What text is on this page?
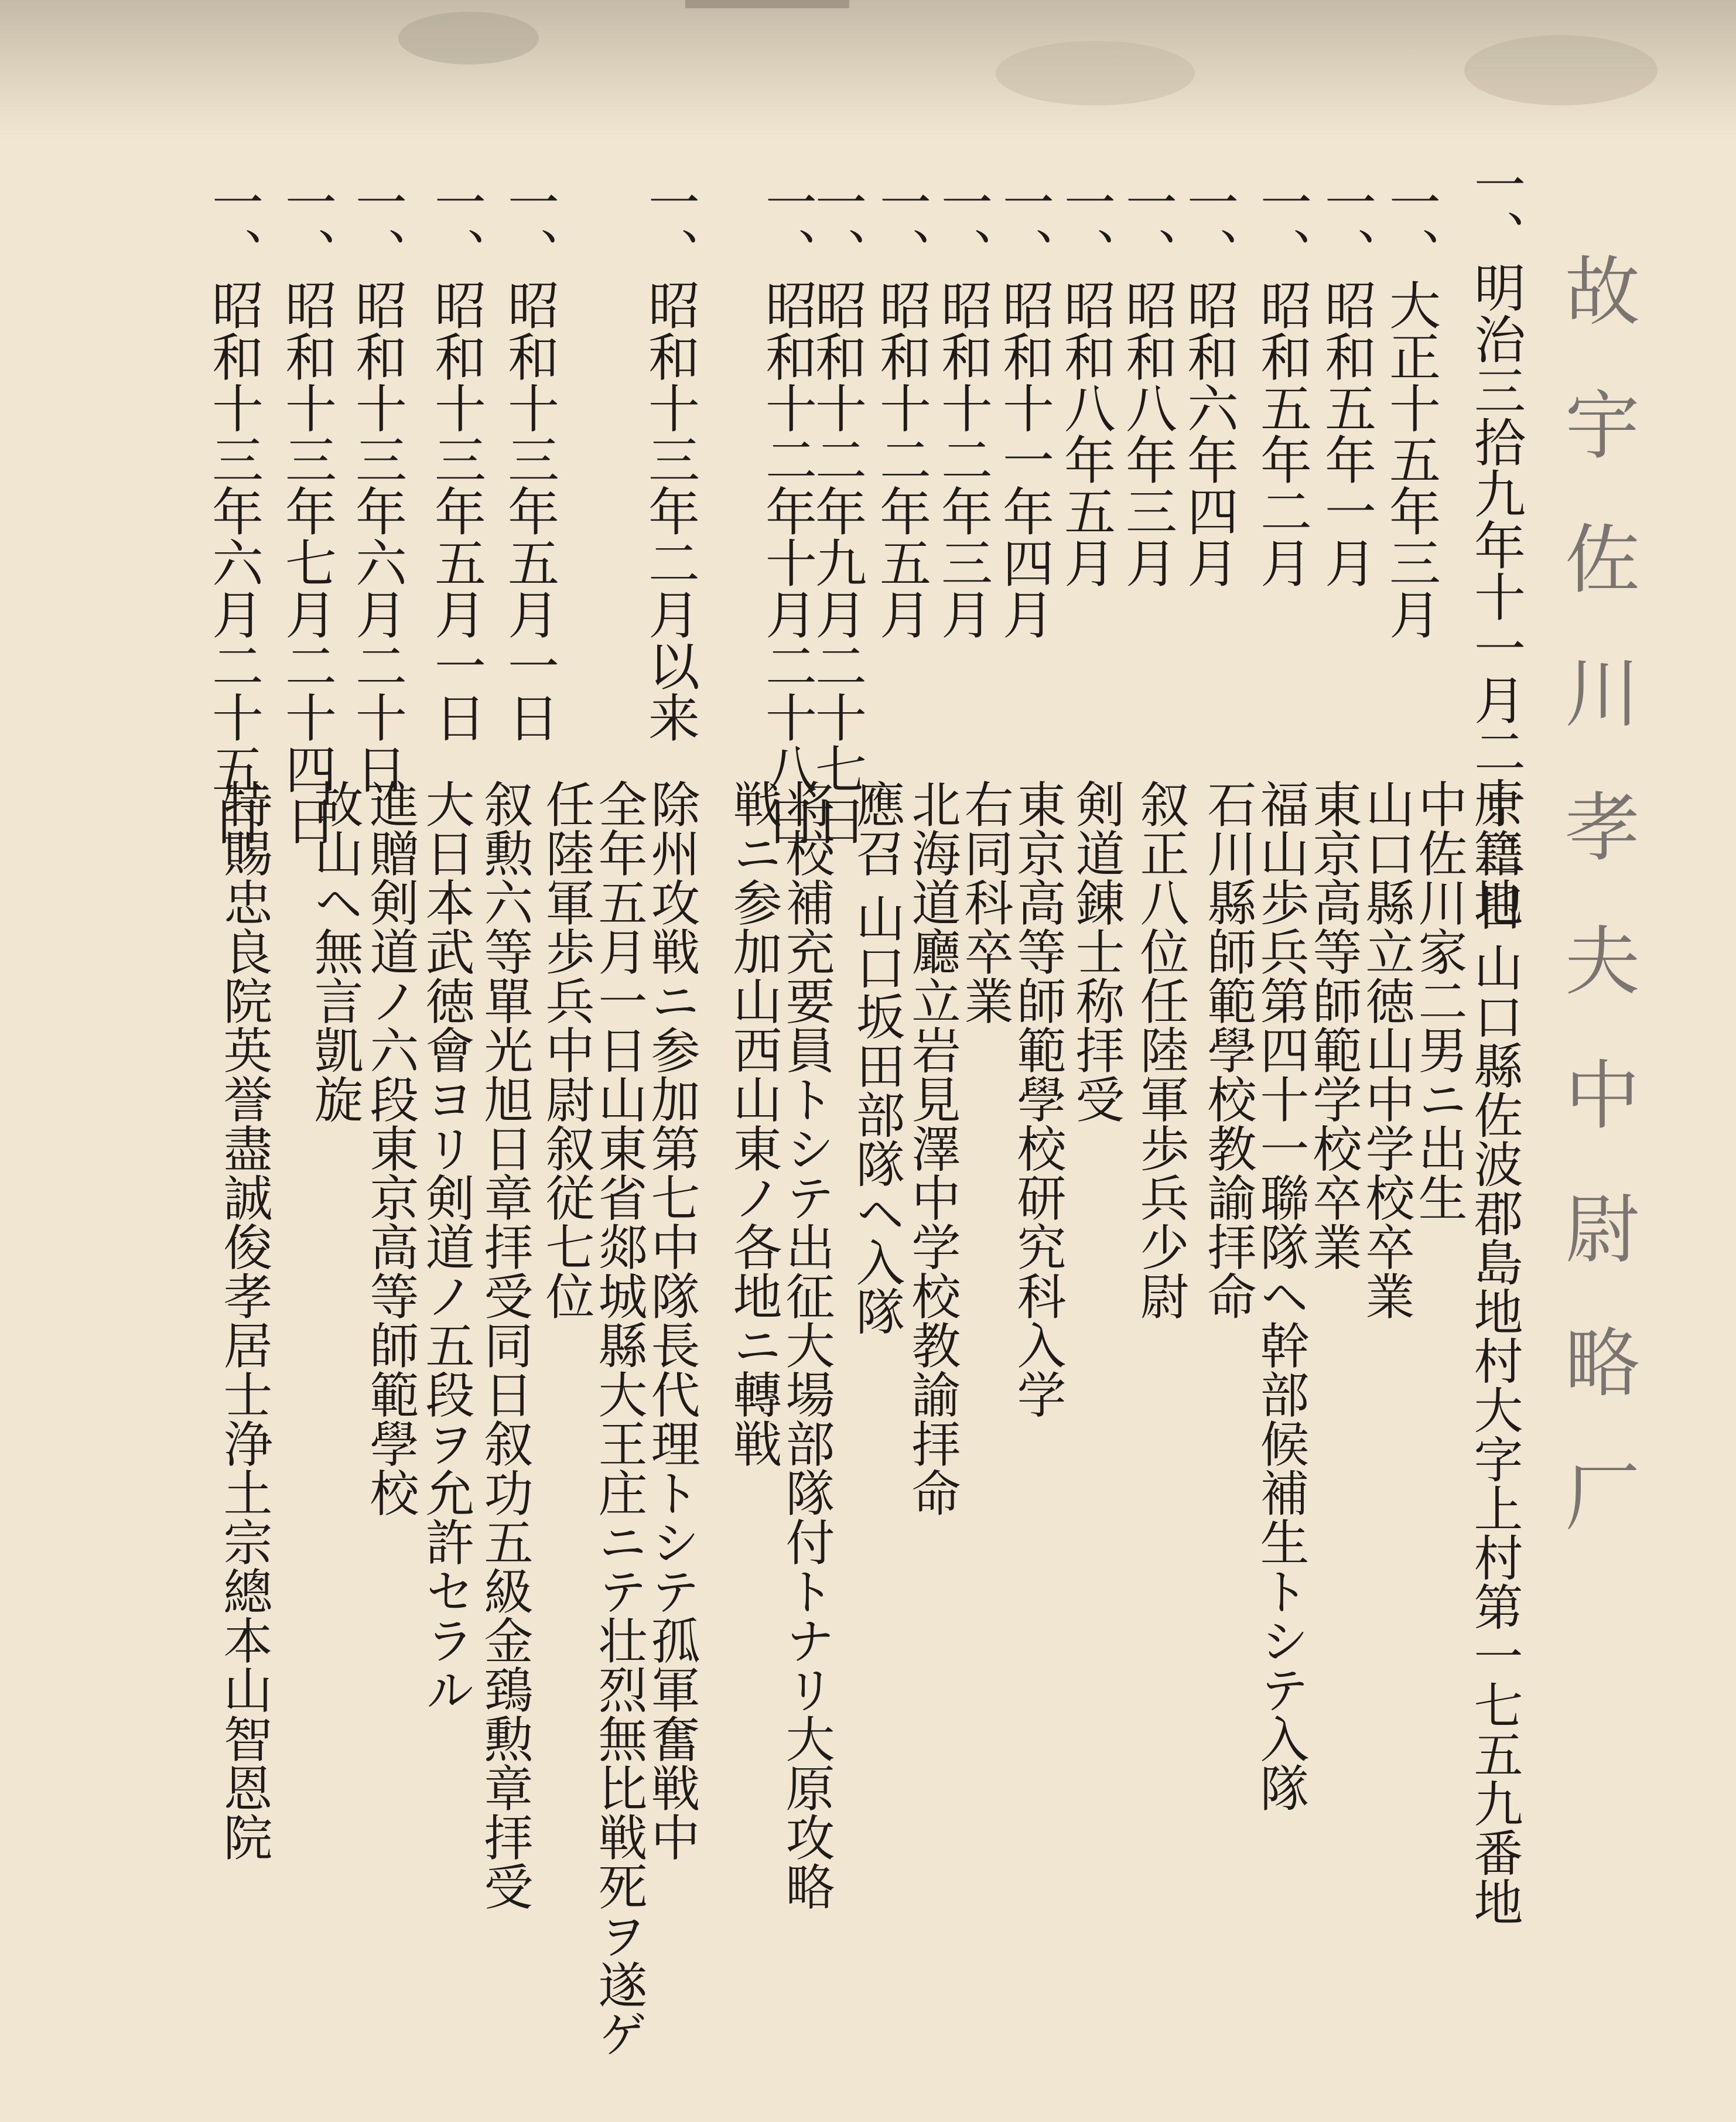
故 宇 佐 川 孝 夫 中 尉 略 厂
一、明治三拾九年十一月二十二日
一、大正十五年三月
一、昭和五年一月
一、昭和五年二月
一、昭和六年四月
一、昭和八年三月
一、昭和八年五月
一、昭和十一年四月
一、昭和十二年三月
一、昭和十二年五月
一、昭和十二年九月二十七日
一、昭和十二年十月二十八日
一、昭和十三年二月以来
一、昭和十三年五月一日
一、昭和十三年五月一日
一、昭和十三年六月二十日
一、昭和十三年七月二十四日
一、昭和十三年六月二十五日
原籍地 山口縣佐波郡島地村大字上村第一七五九番地
中佐川家二男ニ出生
山口縣立徳山中学校卒業
東京高等師範学校卒業
福山歩兵第四十一聯隊ヘ幹部候補生トシテ入隊
石川縣師範學校教諭拝命
叙正八位任陸軍歩兵少尉
剣道錬士称拝受
東京高等師範學校研究科入学
右同科卒業
北海道廳立岩見澤中学校教諭拝命
應召 山口坂田部隊ヘ入隊
将校補充要員トシテ出征大場部隊付トナリ大原攻略
戦ニ参加山西山東ノ各地ニ轉戦
除州攻戦ニ参加第七中隊長代理トシテ孤軍奮戦中
全年五月一日山東省郯城縣大王庄ニテ壮烈無比戦死ヲ遂ゲ
任陸軍歩兵中尉叙従七位
叙勲六等單光旭日章拝受同日叙功五級金鵄勲章拝受
大日本武徳會ヨリ剣道ノ五段ヲ允許セラル
進贈剣道ノ六段東京高等師範學校
故山ヘ無言凱旋
特賜忠良院英誉盡誠俊孝居士浄土宗總本山智恩院
